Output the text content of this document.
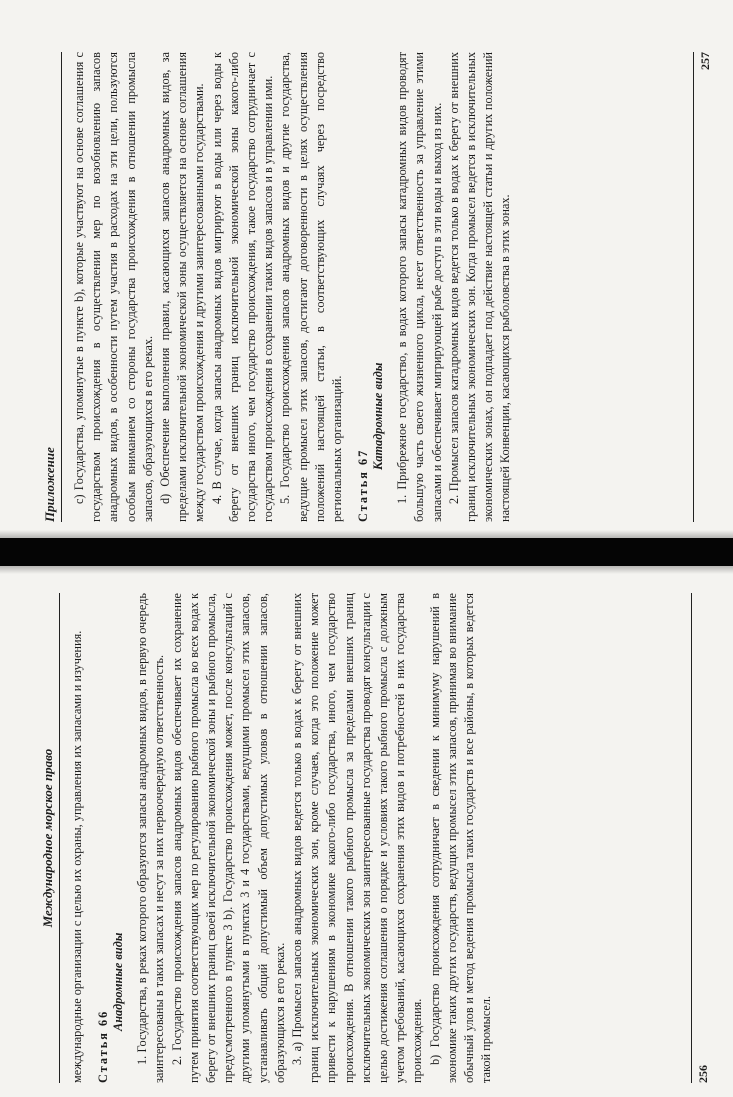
Международное морское право	международные организации с целью их охраны, управления их запасами и изучения. Статья 66

Анадромные виды 1. Государства, в реках которого образуются запасы анадромных видов, в первую очередь заинтересованы в таких запасах и несут за них первоочередную ответственность. 2. Государство происхождения запасов анадромных видов обеспечивает их сохранение путем принятия соответствующих мер по регулированию рыбного промысла во всех водах к берегу от внешних границ своей исключительной экономической зоны и рыбного промысла, предусмотренного в пункте 3 b). Государство происхождения может, после консультаций с другими упомянутыми в пунктах 3 и 4 государствами, ведущими промысел этих запасов, устанавливать общий допустимый объем допустимых уловов в отношении запасов, образующихся в его реках. 3. а) Промысел запасов анадромных видов ведется только в водах к берегу от внешних границ исключительных экономических зон, кроме случаев, когда это положение может привести к нарушениям в экономике какого-либо государства, иного, чем государство происхождения. В отношении такого рыбного промысла за пределами внешних границ исключительных экономических зон заинтересованные государства проводят консультации с целью достижения соглашения о порядке и условиях такого рыбного промысла с должным учетом требований, касающихся сохранения этих видов и потребностей в них государства происхождения. b) Государство происхождения сотрудничает в сведении к минимуму нарушений в экономике таких других государств, ведущих промысел этих запасов, принимая во внимание обычный улов и метод ведения промысла таких государств и все районы, в которых ведется такой промысел.	256
Приложение	с) Государства, упомянутые в пункте b), которые участвуют на основе соглашения с государством происхождения в осуществлении мер по возобновлению запасов анадромных видов, в особенности путем участия в расходах на эти цели, пользуются особым вниманием со стороны государства происхождения в отношении промысла запасов, образующихся в его реках. d) Обеспечение выполнения правил, касающихся запасов анадромных видов, за пределами исключительной экономической зоны осуществляется на основе соглашения между государством происхождения и другими заинтересованными государствами. 4. В случае, когда запасы анадромных видов мигрируют в воды или через воды к берегу от внешних границ исключительной экономической зоны какого-либо государства иного, чем государство происхождения, такое государство сотрудничает с государством происхождения в сохранении таких видов запасов и в управлении ими. 5. Государство происхождения запасов анадромных видов и другие государства, ведущие промысел этих запасов, достигают договоренности в целях осуществления положений настоящей статьи, в соответствующих случаях через посредство региональных организаций. Статья 67

Катадромные виды 1. Прибрежное государство, в водах которого запасы катадромных видов проводят большую часть своего жизненного цикла, несет ответственность за управление этими запасами и обеспечивает мигрирующей рыбе доступ в эти воды и выход из них. 2. Промысел запасов катадромных видов ведется только в водах к берегу от внешних границ исключительных экономических зон. Когда промысел ведется в исключительных экономических зонах, он подпадает под действие настоящей статьи и других положений настоящей Конвенции, касающихся рыболовства в этих зонах.

257
